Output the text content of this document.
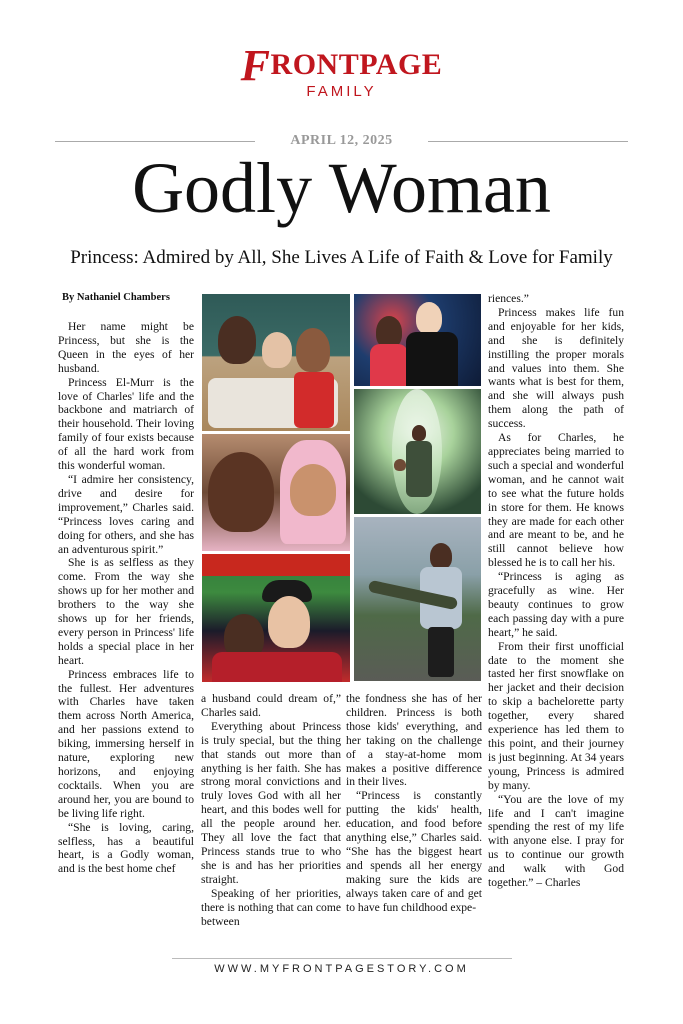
FRONTPAGE
FAMILY
APRIL 12, 2025
Godly Woman
Princess: Admired by All, She Lives A Life of Faith & Love for Family
By Nathaniel Chambers

Her name might be Princess, but she is the Queen in the eyes of her husband.

Princess El-Murr is the love of Charles' life and the backbone and matriarch of their household. Their loving family of four exists because of all the hard work from this wonderful woman.

“I admire her consistency, drive and desire for improvement,” Charles said. “Princess loves caring and doing for others, and she has an adventurous spirit.”

She is as selfless as they come. From the way she shows up for her mother and brothers to the way she shows up for her friends, every person in Princess' life holds a special place in her heart.

Princess embraces life to the fullest. Her adventures with Charles have taken them across North America, and her passions extend to biking, immersing herself in nature, exploring new horizons, and enjoying cocktails. When you are around her, you are bound to be living life right.

“She is loving, caring, selfless, has a beautiful heart, is a Godly woman, and is the best home chef

a husband could dream of,” Charles said.

Everything about Princess is truly special, but the thing that stands out more than anything is her faith. She has strong moral convictions and truly loves God with all her heart, and this bodes well for all the people around her. They all love the fact that Princess stands true to who she is and has her priorities straight.

Speaking of her priorities, there is nothing that can come between

the fondness she has of her children. Princess is both those kids' everything, and her taking on the challenge of a stay-at-home mom makes a positive difference in their lives.

“Princess is constantly putting the kids' health, education, and food before anything else,” Charles said. “She has the biggest heart and spends all her energy making sure the kids are always taken care of and get to have fun childhood expe-

riences.”

Princess makes life fun and enjoyable for her kids, and she is definitely instilling the proper morals and values into them. She wants what is best for them, and she will always push them along the path of success.

As for Charles, he appreciates being married to such a special and wonderful woman, and he cannot wait to see what the future holds in store for them. He knows they are made for each other and are meant to be, and he still cannot believe how blessed he is to call her his.

“Princess is aging as gracefully as wine. Her beauty continues to grow each passing day with a pure heart,” he said.

From their first unofficial date to the moment she tasted her first snowflake on her jacket and their decision to skip a bachelorette party together, every shared experience has led them to this point, and their journey is just beginning. At 34 years young, Princess is admired by many.

“You are the love of my life and I can't imagine spending the rest of my life with anyone else. I pray for us to continue our growth and walk with God together.” – Charles

WWW.MYFRONTPAGESTORY.COM
